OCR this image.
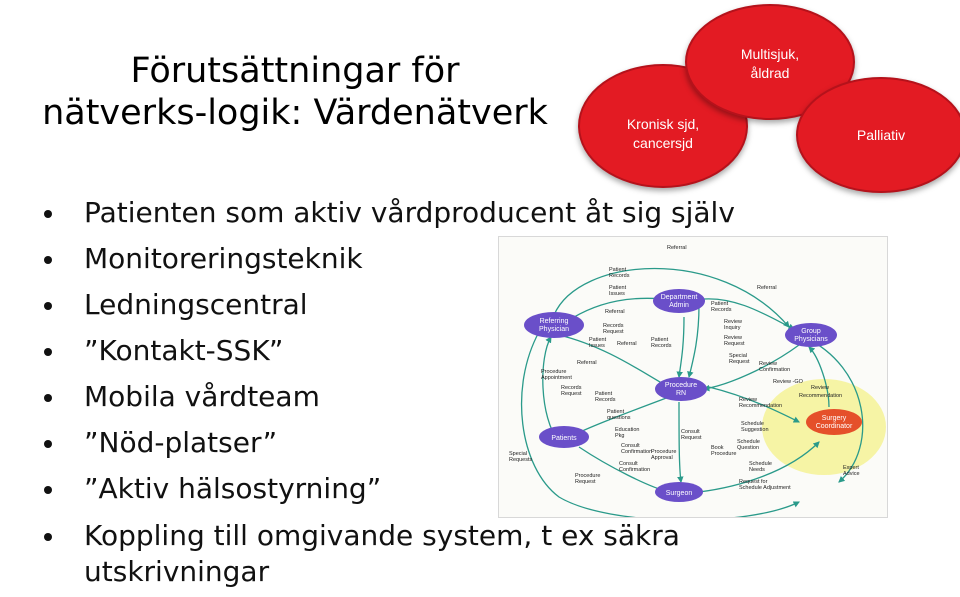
Förutsättningar för
nätverks-logik: Värdenätverk	Kronisk sjd,
cancersjd
Multisjuk,
åldrad
Palliativ
Patienten som aktiv vårdproducent åt sig själv
Monitoreringsteknik
Ledningscentral
”Kontakt-SSK”
Mobila vårdteam
”Nöd-platser”
”Aktiv hälsostyrning”
Koppling till omgivande system, t ex säkra utskrivningar
Referring
Physician
Department
Admin
Group
Physicians
Procedure
RN
Patients
Surgeon
Surgery
Coordinator
Referral
Patient
Records
Patient
Issues
Referral
Records
Request
Patient
Issues Referral
Patient
Records
Referral
Procedure
Appointment
Patient
Records
Referral
Review
Inquiry
Review
Request
Special
Request Review
Confirmation
Review -GO
Review
Recommendation
Review
Recommendation
Records
Request Patient
Records
Patient
questions
Education
Pkg
Consult
Confirmation
Consult
Request
Procedure
Approval
Consult
Confirmation
Book
Procedure
Schedule
Suggestion
Schedule
Question
Schedule
Needs
Request for
Schedule Adjustment
Special
Requests
Procedure
Request
Expert
Advice
